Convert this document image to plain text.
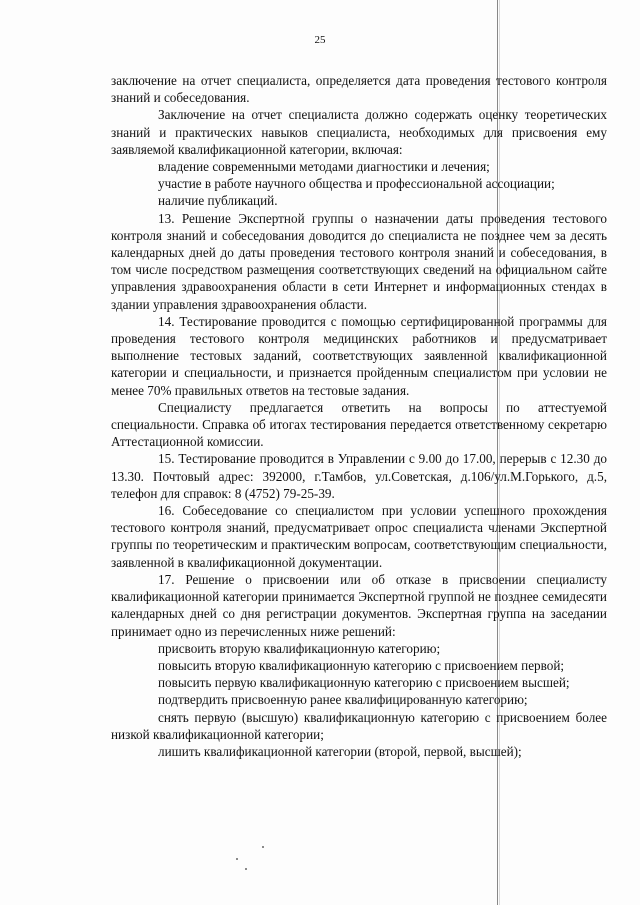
25

заключение на отчет специалиста, определяется дата проведения тестового контроля знаний и собеседования.

Заключение на отчет специалиста должно содержать оценку теоретических знаний и практических навыков специалиста, необходимых для присвоения ему заявляемой квалификационной категории, включая:

владение современными методами диагностики и лечения;

участие в работе научного общества и профессиональной ассоциации;

наличие публикаций.

13. Решение Экспертной группы о назначении даты проведения тестового контроля знаний и собеседования доводится до специалиста не позднее чем за десять календарных дней до даты проведения тестового контроля знаний и собеседования, в том числе посредством размещения соответствующих сведений на официальном сайте управления здравоохранения области в сети Интернет и информационных стендах в здании управления здравоохранения области.

14. Тестирование проводится с помощью сертифицированной программы для проведения тестового контроля медицинских работников и предусматривает выполнение тестовых заданий, соответствующих заявленной квалификационной категории и специальности, и признается пройденным специалистом при условии не менее 70% правильных ответов на тестовые задания.

Специалисту предлагается ответить на вопросы по аттестуемой специальности. Справка об итогах тестирования передается ответственному секретарю Аттестационной комиссии.

15. Тестирование проводится в Управлении с 9.00 до 17.00, перерыв с 12.30 до 13.30. Почтовый адрес: 392000, г.Тамбов, ул.Советская, д.106/ул.М.Горького, д.5, телефон для справок: 8 (4752) 79-25-39.

16. Собеседование со специалистом при условии успешного прохождения тестового контроля знаний, предусматривает опрос специалиста членами Экспертной группы по теоретическим и практическим вопросам, соответствующим специальности, заявленной в квалификационной документации.

17. Решение о присвоении или об отказе в присвоении специалисту квалификационной категории принимается Экспертной группой не позднее семидесяти календарных дней со дня регистрации документов. Экспертная группа на заседании принимает одно из перечисленных ниже решений:

присвоить вторую квалификационную категорию;

повысить вторую квалификационную категорию с присвоением первой;

повысить первую квалификационную категорию с присвоением высшей;

подтвердить присвоенную ранее квалифицированную категорию;

снять первую (высшую) квалификационную категорию с присвоением более низкой квалификационной категории;

лишить квалификационной категории (второй, первой, высшей);
